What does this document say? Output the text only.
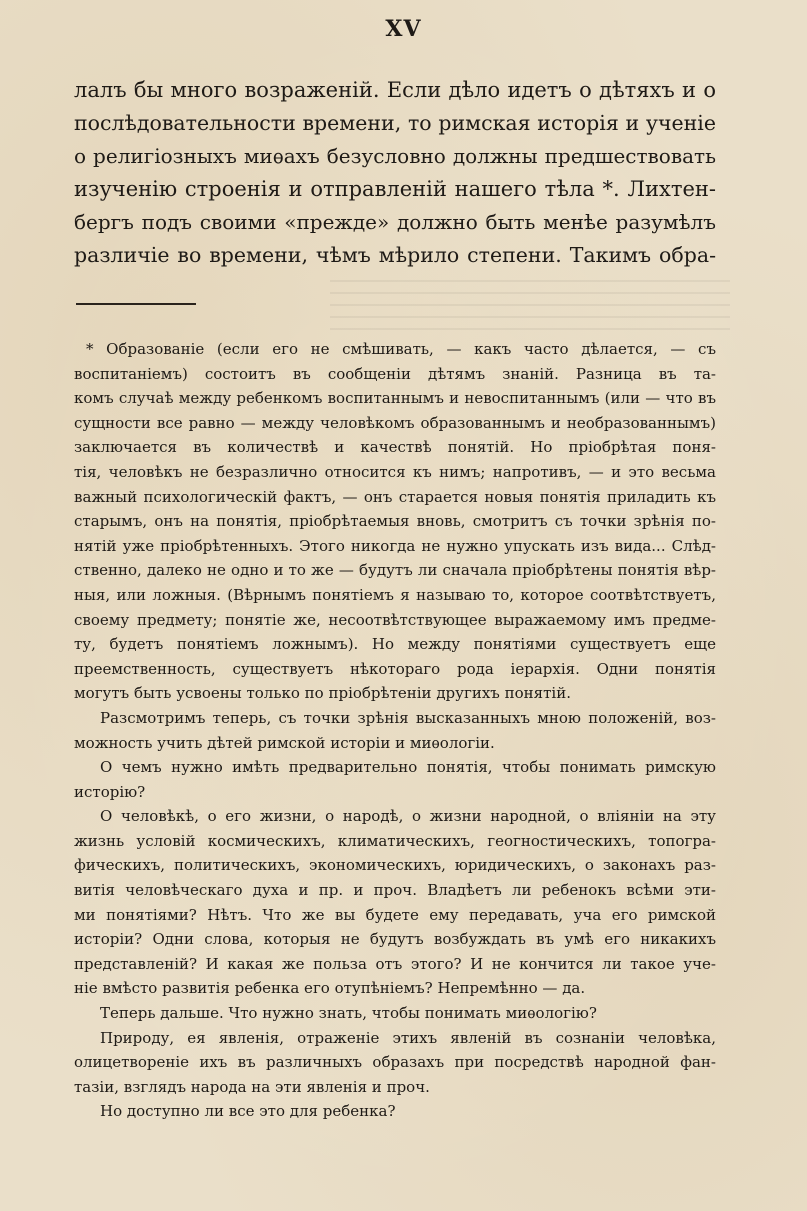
XV
лалъ бы много возраженій. Если дѣло идетъ о дѣтяхъ и о
послѣдовательности времени, то римская исторія и ученіе
о религіозныхъ миѳахъ безусловно должны предшествовать
изученію строенія и отправленій нашего тѣла *. Лихтен-
бергъ подъ своими «прежде» должно быть менѣе разумѣлъ
различіе во времени, чѣмъ мѣрило степени. Такимъ обра-
* Образованіе (если его не смѣшивать, — какъ часто дѣлается, — съ
воспитаніемъ) состоитъ въ сообщеніи дѣтямъ знаній. Разница въ та-
комъ случаѣ между ребенкомъ воспитаннымъ и невоспитаннымъ (или — что въ
сущности все равно — между человѣкомъ образованнымъ и необразованнымъ)
заключается въ количествѣ и качествѣ понятій. Но пріобрѣтая поня-
тія, человѣкъ не безразлично относится къ нимъ; напротивъ, — и это весьма
важный психологическій фактъ, — онъ старается новыя понятія приладить къ
старымъ, онъ на понятія, пріобрѣтаемыя вновь, смотритъ съ точки зрѣнія по-
нятій уже пріобрѣтенныхъ. Этого никогда не нужно упускать изъ вида... Слѣд-
ственно, далеко не одно и то же — будутъ ли сначала пріобрѣтены понятія вѣр-
ныя, или ложныя. (Вѣрнымъ понятіемъ я называю то, которое соотвѣтствуетъ,
своему предмету; понятіе же, несоотвѣтствующее выражаемому имъ предме-
ту, будетъ понятіемъ ложнымъ). Но между понятіями существуетъ еще
преемственность, существуетъ нѣкотораго рода іерархія. Одни понятія
могутъ быть усвоены только по пріобрѣтеніи другихъ понятій.
Разсмотримъ теперь, съ точки зрѣнія высказанныхъ мною положеній, воз-
можность учить дѣтей римской исторіи и миѳологіи.
О чемъ нужно имѣть предварительно понятія, чтобы понимать римскую
исторію?
О человѣкѣ, о его жизни, о народѣ, о жизни народной, о вліяніи на эту
жизнь условій космическихъ, климатическихъ, геогностическихъ, топогра-
фическихъ, политическихъ, экономическихъ, юридическихъ, о законахъ раз-
витія человѣческаго духа и пр. и проч. Владѣетъ ли ребенокъ всѣми эти-
ми понятіями? Нѣтъ. Что же вы будете ему передавать, уча его римской
исторіи? Одни слова, которыя не будутъ возбуждать въ умѣ его никакихъ
представленій? И какая же польза отъ этого? И не кончится ли такое уче-
ніе вмѣсто развитія ребенка его отупѣніемъ? Непремѣнно — да.
Теперь дальше. Что нужно знать, чтобы понимать миѳологію?
Природу, ея явленія, отраженіе этихъ явленій въ сознаніи человѣка,
олицетвореніе ихъ въ различныхъ образахъ при посредствѣ народной фан-
тазіи, взглядъ народа на эти явленія и проч.
Но доступно ли все это для ребенка?
